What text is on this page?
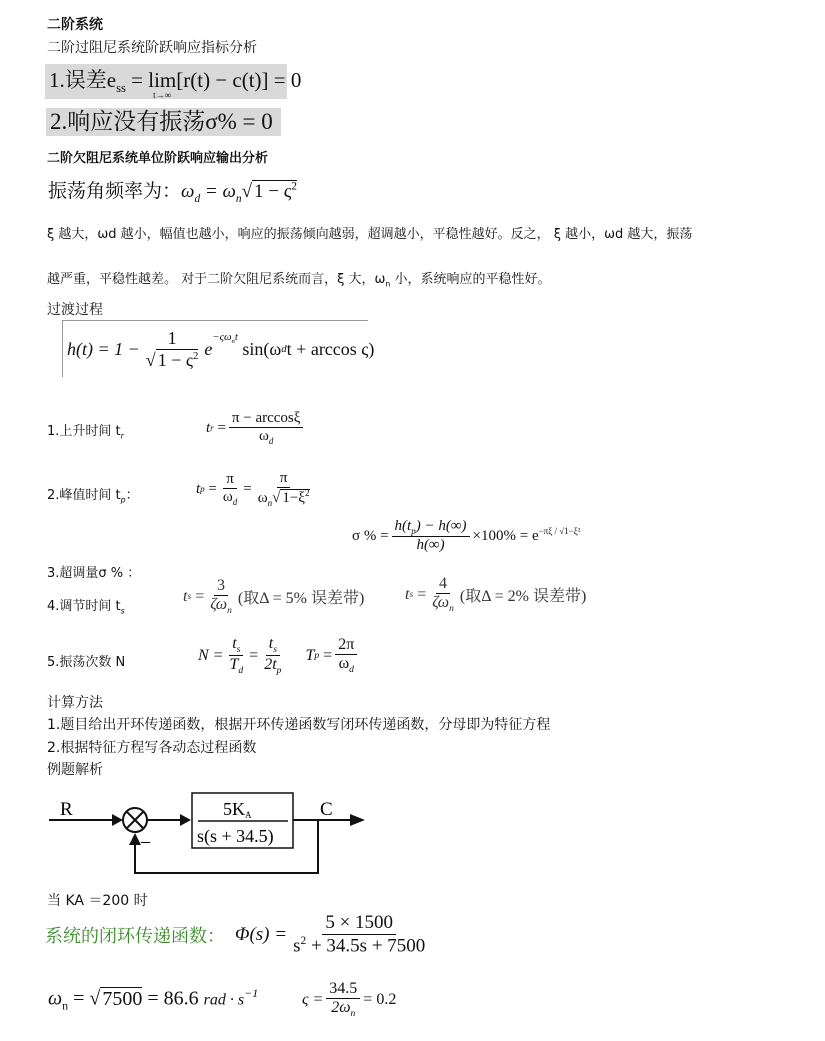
二阶系统
二阶过阻尼系统阶跃响应指标分析
1.误差$e_{ss} = \lim$
t→∞
[r(t) − c(t)] = 0
2.响应没有振荡σ% = 0
二阶欠阻尼系统单位阶跃响应输出分析
振荡角频率为：$\omega_d = \omega_n√$ $1 - \varsigma^2$
ξ 越大，ωd 越小，幅值也越小，响应的振荡倾向越弱，超调越小，平稳性越好。反之， ξ 越小，ωd 越大，振荡
越严重，平稳性越差。 对于二阶欠阻尼系统而言，ξ 大，$\omega_n$ 小，系统响应的平稳性好。
过渡过程
$h(t) = 1 - \frac{1}{√ 1 - \varsigma^2}$ e
$^{-\varsigma\omega_nt}$

sin(ω d t + arccos ς)
1.上升时间 $t_r$
2.峰值时间 $t_p$：
3.超调量σ % ：
4.调节时间 $t_s$
5.振荡次数 N
t $r = \frac{\pi - \arccos\xi}{\omega_d}$
t $p = \frac{\pi}{\omega_d} = \frac{\pi}{\omega_n√ 1-\xi^2}$
σ % = $\frac{h(t_p) - h(\infty)}{h(\infty)} \times 100\% = e^{-\pi\xi / √1-\xi^2}$
t $s = \frac{3}{\zeta\omega_n}$ (取Δ = 5% 误差带)	t $s = \frac{4}{\zeta\omega_n}$ (取Δ = 2% 误差带)
$N = \frac{t_s}{T_d} = \frac{t_s}{2t_p}$ T $p = \frac{2\pi}{\omega_d}$
计算方法
1.题目给出开环传递函数，根据开环传递函数写闭环传递函数，分母即为特征方程
2.根据特征方程写各动态过程函数
例题解析
R	C
−
5KA
s(s + 34.5)
当 KA ＝200 时
系统的闭环传递函数： $\Phi(s) = \frac{5 \times 1500}{s^2 + 34.5s + 7500}$
$\omega_n$ = √ 7500 = 86.6 rad · $s^{-1}$	$\varsigma = \frac{34.5}{2\omega_n} = 0.2$
